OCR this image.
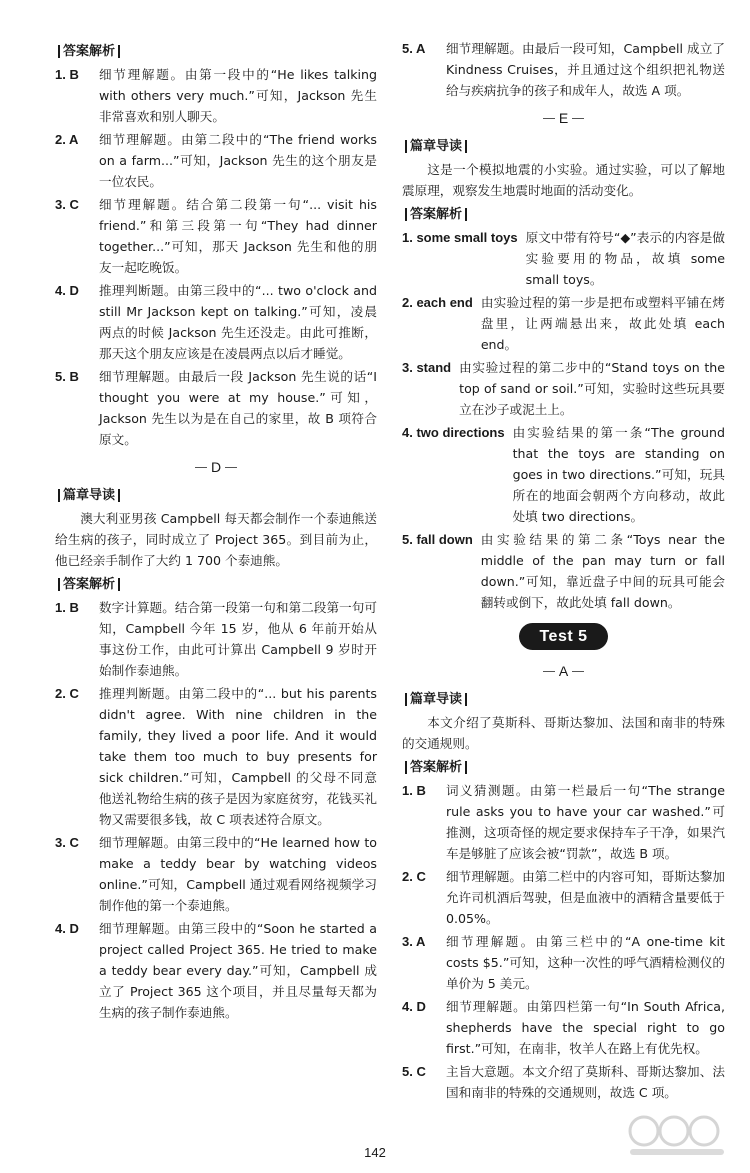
答案解析
1. B	细节理解题。由第一段中的“He likes talking with others very much.”可知，Jackson 先生非常喜欢和别人聊天。
2. A	细节理解题。由第二段中的“The friend works on a farm...”可知，Jackson 先生的这个朋友是一位农民。
3. C	细节理解题。结合第二段第一句“... visit his friend.”和第三段第一句“They had dinner together...”可知，那天 Jackson 先生和他的朋友一起吃晚饭。
4. D	推理判断题。由第三段中的“... two o'clock and still Mr Jackson kept on talking.”可知，凌晨两点的时候 Jackson 先生还没走。由此可推断，那天这个朋友应该是在凌晨两点以后才睡觉。
5. B	细节理解题。由最后一段 Jackson 先生说的话“I thought you were at my house.”可知，Jackson 先生以为是在自己的家里，故 B 项符合原文。
D
篇章导读
澳大利亚男孩 Campbell 每天都会制作一个泰迪熊送给生病的孩子，同时成立了 Project 365。到目前为止，他已经亲手制作了大约 1 700 个泰迪熊。
答案解析
1. B	数字计算题。结合第一段第一句和第二段第一句可知，Campbell 今年 15 岁，他从 6 年前开始从事这份工作，由此可计算出 Campbell 9 岁时开始制作泰迪熊。
2. C	推理判断题。由第二段中的“... but his parents didn't agree. With nine children in the family, they lived a poor life. And it would take them too much to buy presents for sick children.”可知，Campbell 的父母不同意他送礼物给生病的孩子是因为家庭贫穷，花钱买礼物又需要很多钱，故 C 项表述符合原文。
3. C	细节理解题。由第三段中的“He learned how to make a teddy bear by watching videos online.”可知，Campbell 通过观看网络视频学习制作他的第一个泰迪熊。
4. D	细节理解题。由第三段中的“Soon he started a project called Project 365. He tried to make a teddy bear every day.”可知，Campbell 成立了 Project 365 这个项目，并且尽量每天都为生病的孩子制作泰迪熊。
5. A	细节理解题。由最后一段可知，Campbell 成立了 Kindness Cruises，并且通过这个组织把礼物送给与疾病抗争的孩子和成年人，故选 A 项。
E
篇章导读
这是一个模拟地震的小实验。通过实验，可以了解地震原理，观察发生地震时地面的活动变化。
答案解析
1. some small toys 原文中带有符号“◆”表示的内容是做实验要用的物品，故填 some small toys。
2. each end 由实验过程的第一步是把布或塑料平铺在烤盘里，让两端悬出来，故此处填 each end。
3. stand 由实验过程的第二步中的“Stand toys on the top of sand or soil.”可知，实验时这些玩具要立在沙子或泥土上。
4. two directions 由实验结果的第一条“The ground that the toys are standing on goes in two directions.”可知，玩具所在的地面会朝两个方向移动，故此处填 two directions。
5. fall down 由实验结果的第二条“Toys near the middle of the pan may turn or fall down.”可知，靠近盘子中间的玩具可能会翻转或倒下，故此处填 fall down。
Test 5
A
篇章导读
本文介绍了莫斯科、哥斯达黎加、法国和南非的特殊的交通规则。
答案解析
1. B	词义猜测题。由第一栏最后一句“The strange rule asks you to have your car washed.”可推测，这项奇怪的规定要求保持车子干净，如果汽车是够脏了应该会被“罚款”，故选 B 项。
2. C	细节理解题。由第二栏中的内容可知，哥斯达黎加允许司机酒后驾驶，但是血液中的酒精含量要低于 0.05%。
3. A	细节理解题。由第三栏中的“A one-time kit costs $5.”可知，这种一次性的呼气酒精检测仪的单价为 5 美元。
4. D	细节理解题。由第四栏第一句“In South Africa, shepherds have the special right to go first.”可知，在南非，牧羊人在路上有优先权。
5. C	主旨大意题。本文介绍了莫斯科、哥斯达黎加、法国和南非的特殊的交通规则，故选 C 项。
142
